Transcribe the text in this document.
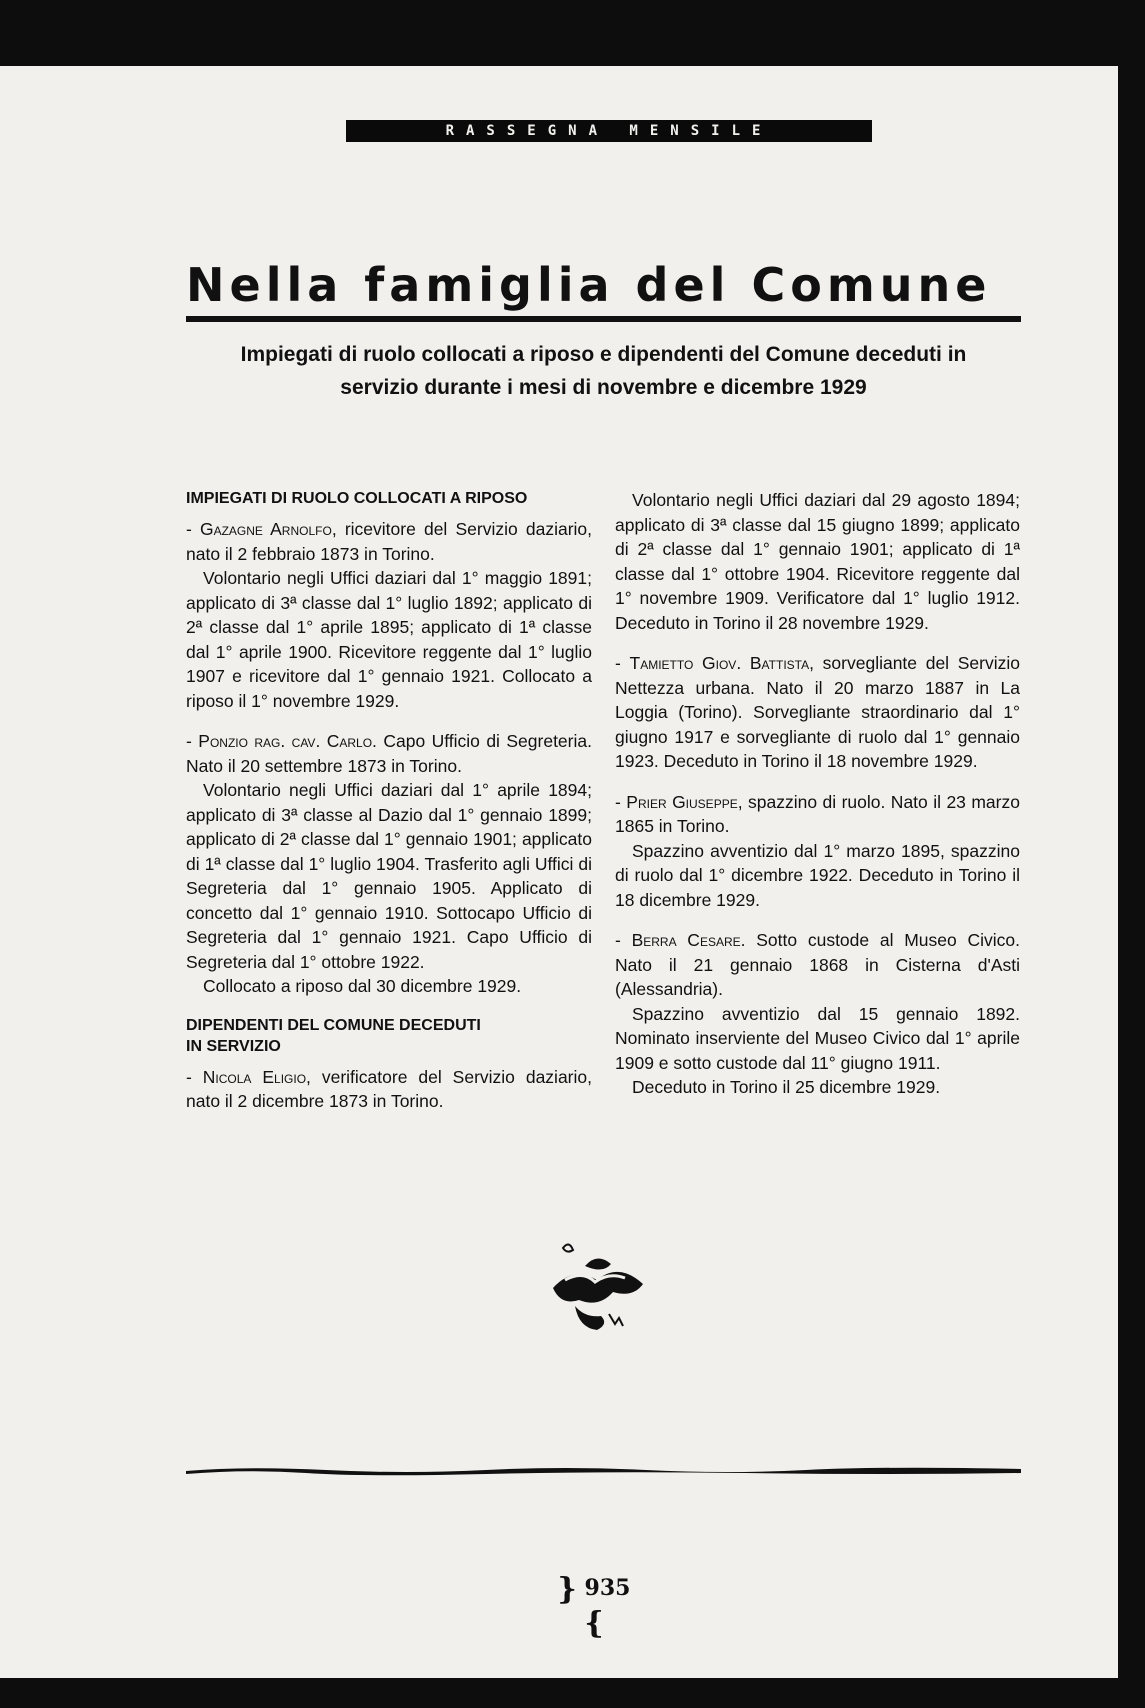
RASSEGNA MENSILE
Nella famiglia del Comune

Impiegati di ruolo collocati a riposo e dipendenti del Comune deceduti in
servizio durante i mesi di novembre e dicembre 1929

IMPIEGATI DI RUOLO COLLOCATI A RIPOSO

- Gazagne Arnolfo, ricevitore del Servizio daziario, nato il 2 febbraio 1873 in Torino.

Volontario negli Uffici daziari dal 1° maggio 1891; applicato di 3ª classe dal 1° luglio 1892; applicato di 2ª classe dal 1° aprile 1895; applicato di 1ª classe dal 1° aprile 1900. Ricevitore reggente dal 1° luglio 1907 e ricevitore dal 1° gennaio 1921. Collocato a riposo il 1° novembre 1929.

- Ponzio rag. cav. Carlo. Capo Ufficio di Segreteria. Nato il 20 settembre 1873 in Torino.

Volontario negli Uffici daziari dal 1° aprile 1894; applicato di 3ª classe al Dazio dal 1° gennaio 1899; applicato di 2ª classe dal 1° gennaio 1901; applicato di 1ª classe dal 1° luglio 1904. Trasferito agli Uffici di Segreteria dal 1° gennaio 1905. Applicato di concetto dal 1° gennaio 1910. Sottocapo Ufficio di Segreteria dal 1° gennaio 1921. Capo Ufficio di Segreteria dal 1° ottobre 1922.

Collocato a riposo dal 30 dicembre 1929.

DIPENDENTI DEL COMUNE DECEDUTI
IN SERVIZIO

- Nicola Eligio, verificatore del Servizio daziario, nato il 2 dicembre 1873 in Torino.

Volontario negli Uffici daziari dal 29 agosto 1894; applicato di 3ª classe dal 15 giugno 1899; applicato di 2ª classe dal 1° gennaio 1901; applicato di 1ª classe dal 1° ottobre 1904. Ricevitore reggente dal 1° novembre 1909. Verificatore dal 1° luglio 1912. Deceduto in Torino il 28 novembre 1929.

- Tamietto Giov. Battista, sorvegliante del Servizio Nettezza urbana. Nato il 20 marzo 1887 in La Loggia (Torino). Sorvegliante straordinario dal 1° giugno 1917 e sorvegliante di ruolo dal 1° gennaio 1923. Deceduto in Torino il 18 novembre 1929.

- Prier Giuseppe, spazzino di ruolo. Nato il 23 marzo 1865 in Torino.

Spazzino avventizio dal 1° marzo 1895, spazzino di ruolo dal 1° dicembre 1922. Deceduto in Torino il 18 dicembre 1929.

- Berra Cesare. Sotto custode al Museo Civico. Nato il 21 gennaio 1868 in Cisterna d'Asti (Alessandria).

Spazzino avventizio dal 15 gennaio 1892. Nominato inserviente del Museo Civico dal 1° aprile 1909 e sotto custode dal 11° giugno 1911.

Deceduto in Torino il 25 dicembre 1929.

} 935 {
